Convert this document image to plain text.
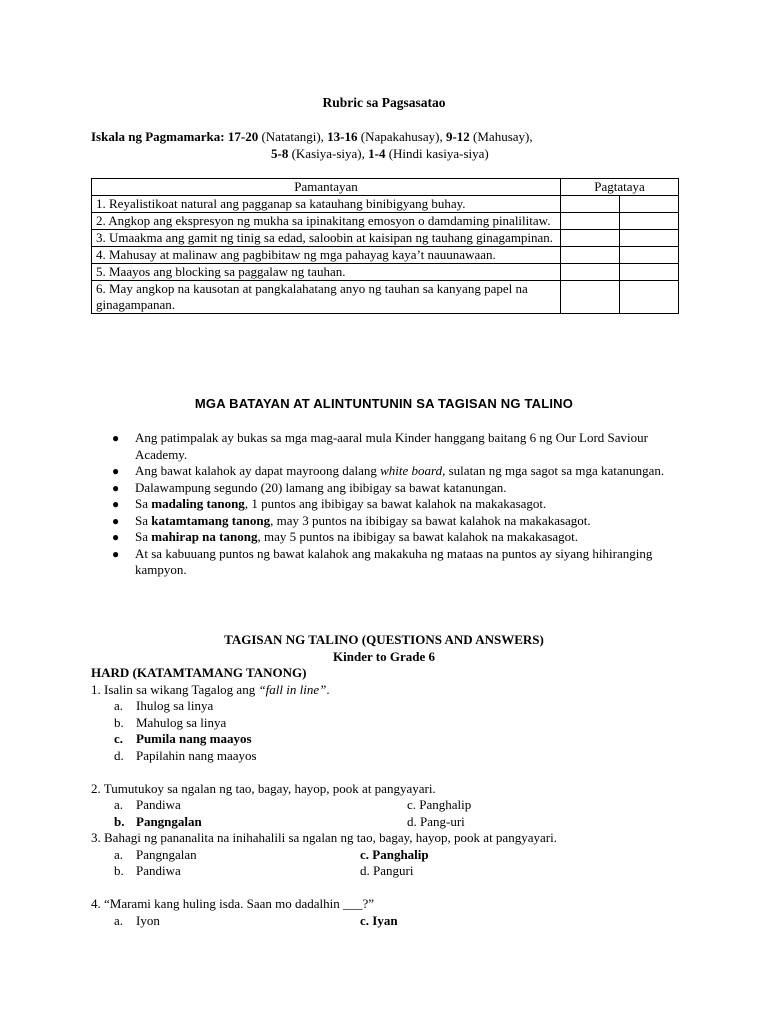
Rubric sa Pagsasatao
Iskala ng Pagmamarka: 17-20 (Natatangi), 13-16 (Napakahusay), 9-12 (Mahusay),
5-8 (Kasiya-siya), 1-4 (Hindi kasiya-siya)
Pamantayan	Pagtataya	
1. Reyalistikoat natural ang pagganap sa katauhang binibigyang buhay.		
2. Angkop ang ekspresyon ng mukha sa ipinakitang emosyon o damdaming pinalilitaw.		
3. Umaakma ang gamit ng tinig sa edad, saloobin at kaisipan ng tauhang ginagampinan.		
4. Mahusay at malinaw ang pagbibitaw ng mga pahayag kaya’t nauunawaan.		
5. Maayos ang blocking sa paggalaw ng tauhan.		
6. May angkop na kausotan at pangkalahatang anyo ng tauhan sa kanyang papel na ginagampanan.		
MGA BATAYAN AT ALINTUNTUNIN SA TAGISAN NG TALINO
● Ang patimpalak ay bukas sa mga mag-aaral mula Kinder hanggang baitang 6 ng Our Lord Saviour Academy.
● Ang bawat kalahok ay dapat mayroong dalang white board, sulatan ng mga sagot sa mga katanungan.
● Dalawampung segundo (20) lamang ang ibibigay sa bawat katanungan.
● Sa madaling tanong, 1 puntos ang ibibigay sa bawat kalahok na makakasagot.
● Sa katamtamang tanong, may 3 puntos na ibibigay sa bawat kalahok na makakasagot.
● Sa mahirap na tanong, may 5 puntos na ibibigay sa bawat kalahok na makakasagot.
● At sa kabuuang puntos ng bawat kalahok ang makakuha ng mataas na puntos ay siyang hihiranging kampyon.
TAGISAN NG TALINO (QUESTIONS AND ANSWERS)
Kinder to Grade 6
HARD (KATAMTAMANG TANONG)
1. Isalin sa wikang Tagalog ang “fall in line”.
a. Ihulog sa linya
b. Mahulog sa linya
c. Pumila nang maayos
d. Papilahin nang maayos
2. Tumutukoy sa ngalan ng tao, bagay, hayop, pook at pangyayari.
a. Pandiwa	c. Panghalip
b. Pangngalan	d. Pang-uri
3. Bahagi ng pananalita na inihahalili sa ngalan ng tao, bagay, hayop, pook at pangyayari.
a. Pangngalan	c. Panghalip
b. Pandiwa	d. Panguri
4. “Marami kang huling isda. Saan mo dadalhin ___?”
a. Iyon	c. Iyan
